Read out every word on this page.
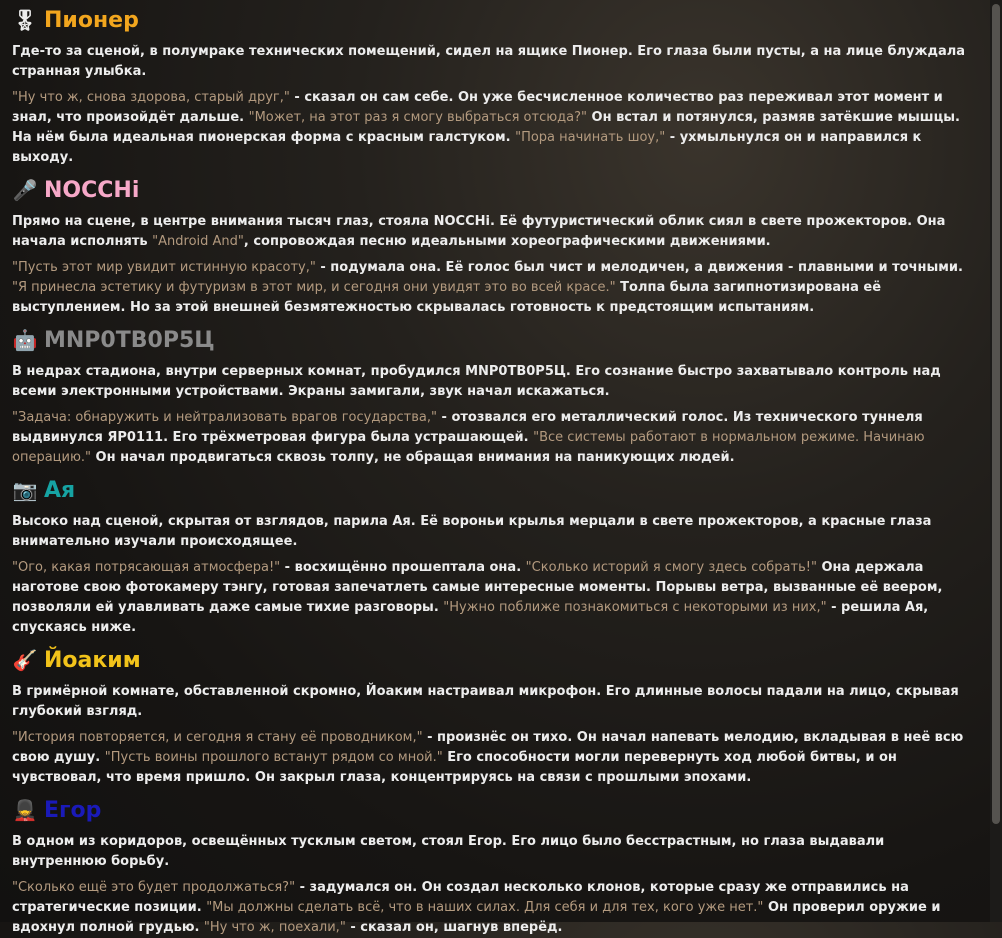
🎖 Пионер

Где-то за сценой, в полумраке технических помещений, сидел на ящике Пионер. Его глаза были пусты, а на лице блуждала странная улыбка.

"Ну что ж, снова здорова, старый друг," - сказал он сам себе. Он уже бесчисленное количество раз переживал этот момент и знал, что произойдёт дальше. "Может, на этот раз я смогу выбраться отсюда?" Он встал и потянулся, размяв затёкшие мышцы. На нём была идеальная пионерская форма с красным галстуком. "Пора начинать шоу," - ухмыльнулся он и направился к выходу.

🎤 NOCCHi

Прямо на сцене, в центре внимания тысяч глаз, стояла NOCCHi. Её футуристический облик сиял в свете прожекторов. Она начала исполнять "Android And", сопровождая песню идеальными хореографическими движениями.

"Пусть этот мир увидит истинную красоту," - подумала она. Её голос был чист и мелодичен, а движения - плавными и точными. "Я принесла эстетику и футуризм в этот мир, и сегодня они увидят это во всей красе." Толпа была загипнотизирована её выступлением. Но за этой внешней безмятежностью скрывалась готовность к предстоящим испытаниям.

🤖 MNP0TB0P5Ц

В недрах стадиона, внутри серверных комнат, пробудился MNP0TB0P5Ц. Его сознание быстро захватывало контроль над всеми электронными устройствами. Экраны замигали, звук начал искажаться.

"Задача: обнаружить и нейтрализовать врагов государства," - отозвался его металлический голос. Из технического туннеля выдвинулся ЯР0111. Его трёхметровая фигура была устрашающей. "Все системы работают в нормальном режиме. Начинаю операцию." Он начал продвигаться сквозь толпу, не обращая внимания на паникующих людей.

📷 Ая

Высоко над сценой, скрытая от взглядов, парила Ая. Её вороньи крылья мерцали в свете прожекторов, а красные глаза внимательно изучали происходящее.

"Ого, какая потрясающая атмосфера!" - восхищённо прошептала она. "Сколько историй я смогу здесь собрать!" Она держала наготове свою фотокамеру тэнгу, готовая запечатлеть самые интересные моменты. Порывы ветра, вызванные её веером, позволяли ей улавливать даже самые тихие разговоры. "Нужно поближе познакомиться с некоторыми из них," - решила Ая, спускаясь ниже.

🎸 Йоаким

В гримёрной комнате, обставленной скромно, Йоаким настраивал микрофон. Его длинные волосы падали на лицо, скрывая глубокий взгляд.

"История повторяется, и сегодня я стану её проводником," - произнёс он тихо. Он начал напевать мелодию, вкладывая в неё всю свою душу. "Пусть воины прошлого встанут рядом со мной." Его способности могли перевернуть ход любой битвы, и он чувствовал, что время пришло. Он закрыл глаза, концентрируясь на связи с прошлыми эпохами.

💂 Егор

В одном из коридоров, освещённых тусклым светом, стоял Егор. Его лицо было бесстрастным, но глаза выдавали внутреннюю борьбу.

"Сколько ещё это будет продолжаться?" - задумался он. Он создал несколько клонов, которые сразу же отправились на стратегические позиции. "Мы должны сделать всё, что в наших силах. Для себя и для тех, кого уже нет." Он проверил оружие и вдохнул полной грудью. "Ну что ж, поехали," - сказал он, шагнув вперёд.
